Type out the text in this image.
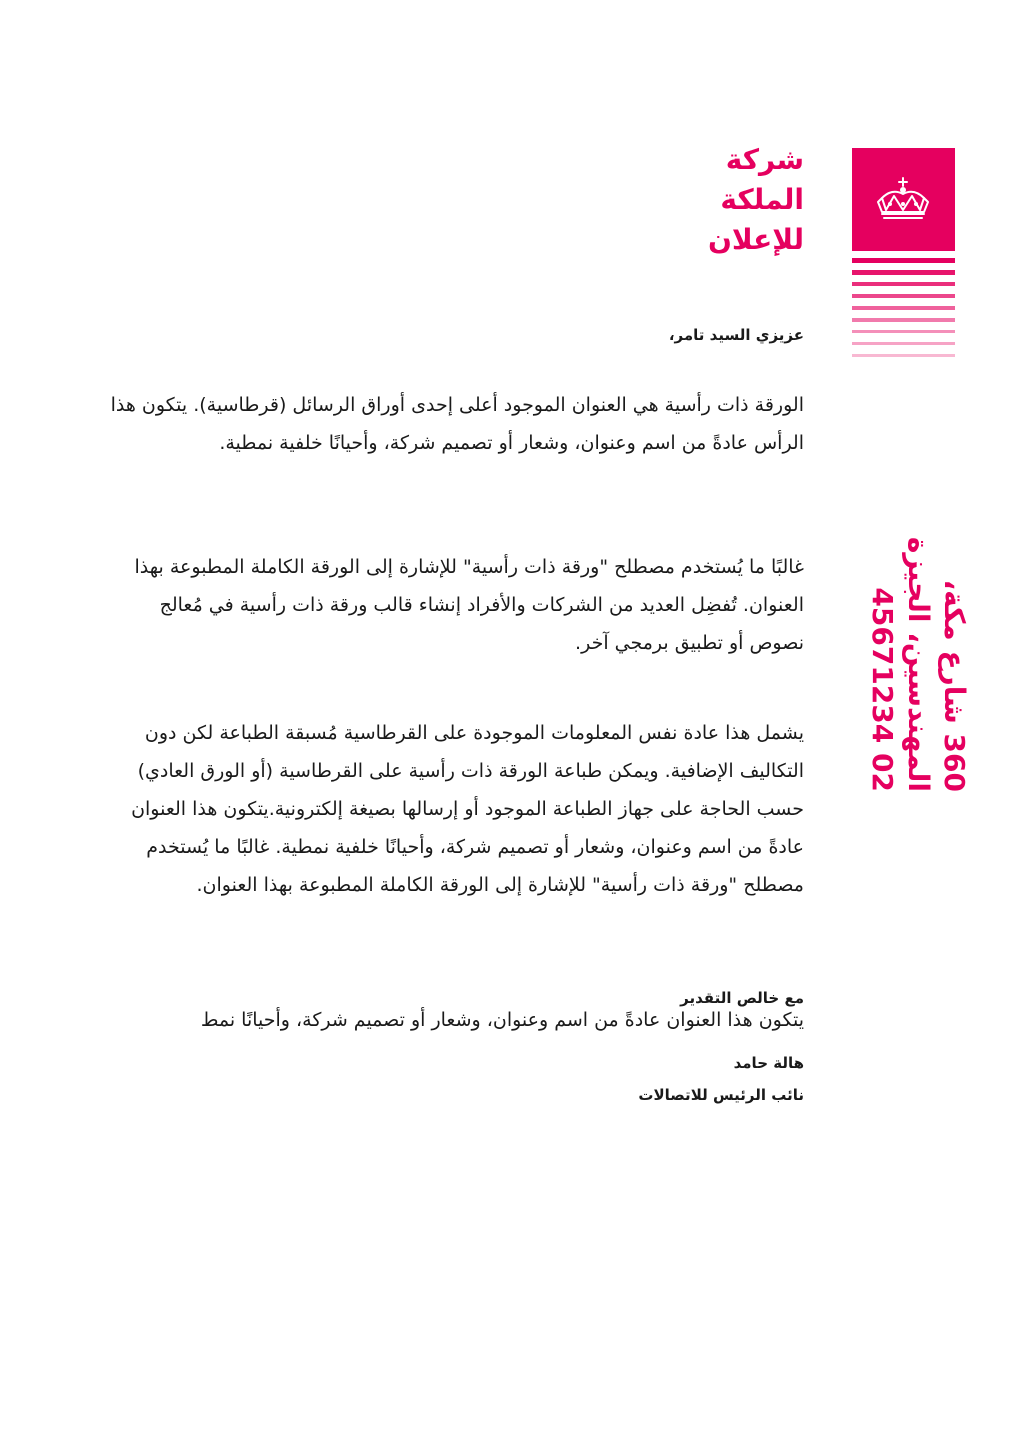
شركة
الملكة
للإعلان
360 شارع مكة،
المهندسين، الجيزة
02 45671234
عزيزي السيد تامر،
الورقة ذات رأسية هي العنوان الموجود أعلى إحدى أوراق الرسائل (قرطاسية). يتكون هذا الرأس عادةً من اسم وعنوان، وشعار أو تصميم شركة، وأحيانًا خلفية نمطية.
غالبًا ما يُستخدم مصطلح "ورقة ذات رأسية" للإشارة إلى الورقة الكاملة المطبوعة بهذا العنوان. تُفضِل العديد من الشركات والأفراد إنشاء قالب ورقة ذات رأسية في مُعالج نصوص أو تطبيق برمجي آخر.
يشمل هذا عادة نفس المعلومات الموجودة على القرطاسية مُسبقة الطباعة لكن دون التكاليف الإضافية. ويمكن طباعة الورقة ذات رأسية على القرطاسية (أو الورق العادي) حسب الحاجة على جهاز الطباعة الموجود أو إرسالها بصيغة إلكترونية.يتكون هذا العنوان عادةً من اسم وعنوان، وشعار أو تصميم شركة، وأحيانًا خلفية نمطية. غالبًا ما يُستخدم مصطلح "ورقة ذات رأسية" للإشارة إلى الورقة الكاملة المطبوعة بهذا العنوان.
مع خالص التقدير
يتكون هذا العنوان عادةً من اسم وعنوان، وشعار أو تصميم شركة، وأحيانًا نمط
هالة حامد
نائب الرئيس للاتصالات
